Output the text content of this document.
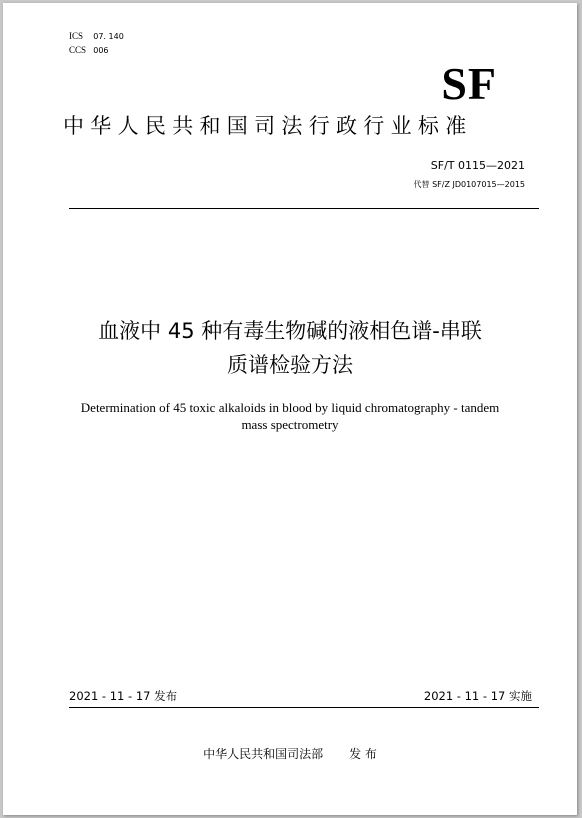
ICS 07. 140
CCS 006
SF
中华人民共和国司法行政行业标准
SF/T 0115—2021
代替 SF/Z JD0107015—2015
血液中 45 种有毒生物碱的液相色谱-串联
质谱检验方法
Determination of 45 toxic alkaloids in blood by liquid chromatography - tandem
mass spectrometry
2021 - 11 - 17 发布	2021 - 11 - 17 实施
中华人民共和国司法部 发 布
